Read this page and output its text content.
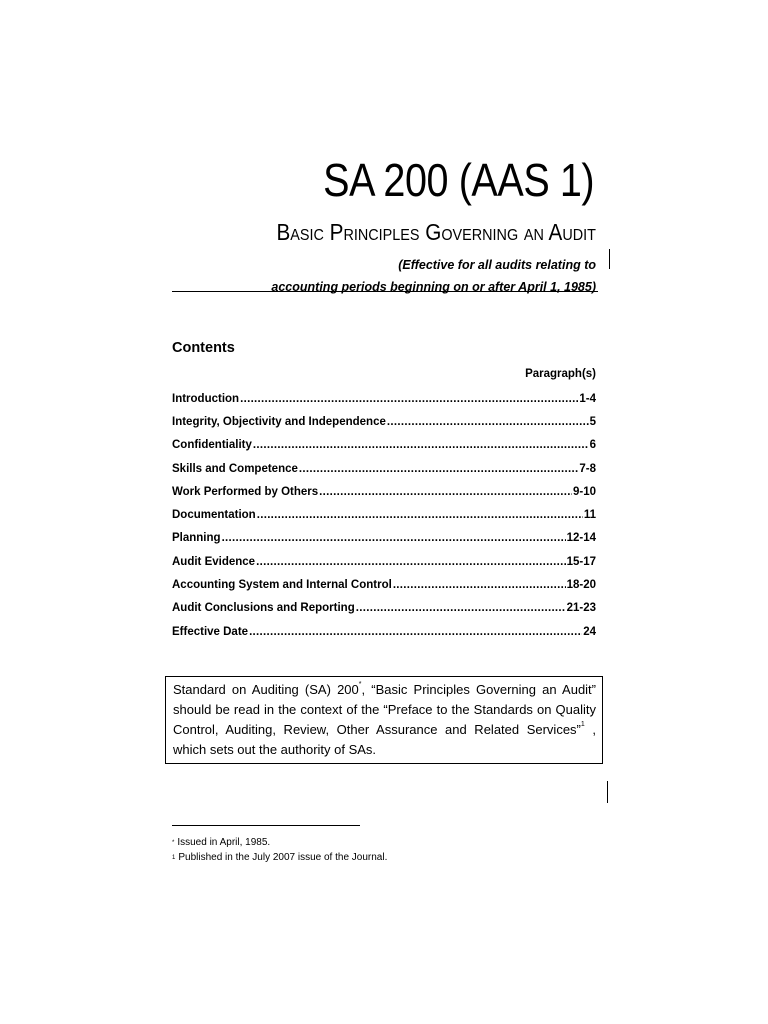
SA 200 (AAS 1)
Basic Principles Governing an Audit
(Effective for all audits relating to
accounting periods beginning on or after April 1, 1985)
Contents
Paragraph(s)
Introduction .....	1-4
Integrity, Objectivity and Independence .....	5
Confidentiality .....	6
Skills and Competence .....	7-8
Work Performed by Others .....	9-10
Documentation .....	11
Planning .....	12-14
Audit Evidence .....	15-17
Accounting System and Internal Control .....	18-20
Audit Conclusions and Reporting .....	21-23
Effective Date .....	24
Standard on Auditing (SA) 200*, “Basic Principles Governing an Audit” should be read in the context of the “Preface to the Standards on Quality Control, Auditing, Review, Other Assurance and Related Services”$^1$ , which sets out the authority of SAs.
* Issued in April, 1985.
$^1$ Published in the July 2007 issue of the Journal.
